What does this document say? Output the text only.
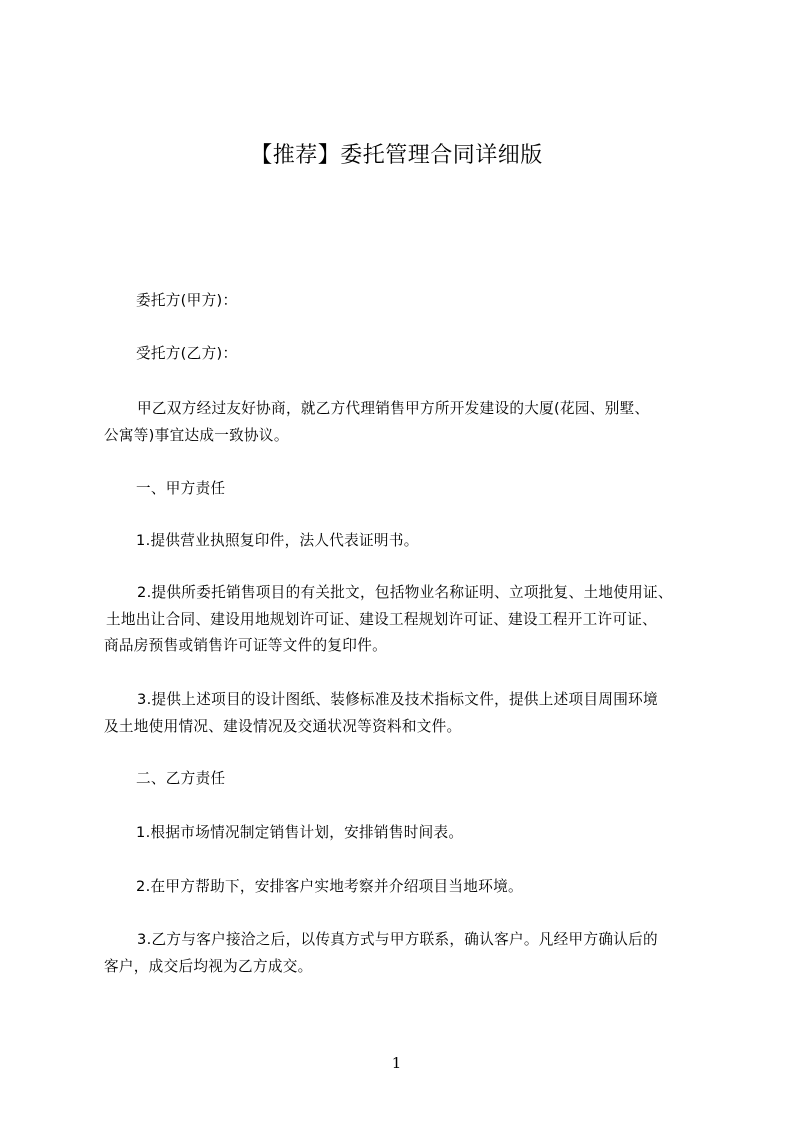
【推荐】委托管理合同详细版
委托方(甲方)：
受托方(乙方)：
甲乙双方经过友好协商，就乙方代理销售甲方所开发建设的大厦(花园、别墅、
公寓等)事宜达成一致协议。
一、甲方责任
1.提供营业执照复印件，法人代表证明书。
2.提供所委托销售项目的有关批文，包括物业名称证明、立项批复、土地使用证、
土地出让合同、建设用地规划许可证、建设工程规划许可证、建设工程开工许可证、
商品房预售或销售许可证等文件的复印件。
3.提供上述项目的设计图纸、装修标准及技术指标文件，提供上述项目周围环境
及土地使用情况、建设情况及交通状况等资料和文件。
二、乙方责任
1.根据市场情况制定销售计划，安排销售时间表。
2.在甲方帮助下，安排客户实地考察并介绍项目当地环境。
3.乙方与客户接洽之后，以传真方式与甲方联系，确认客户。凡经甲方确认后的
客户，成交后均视为乙方成交。
1
